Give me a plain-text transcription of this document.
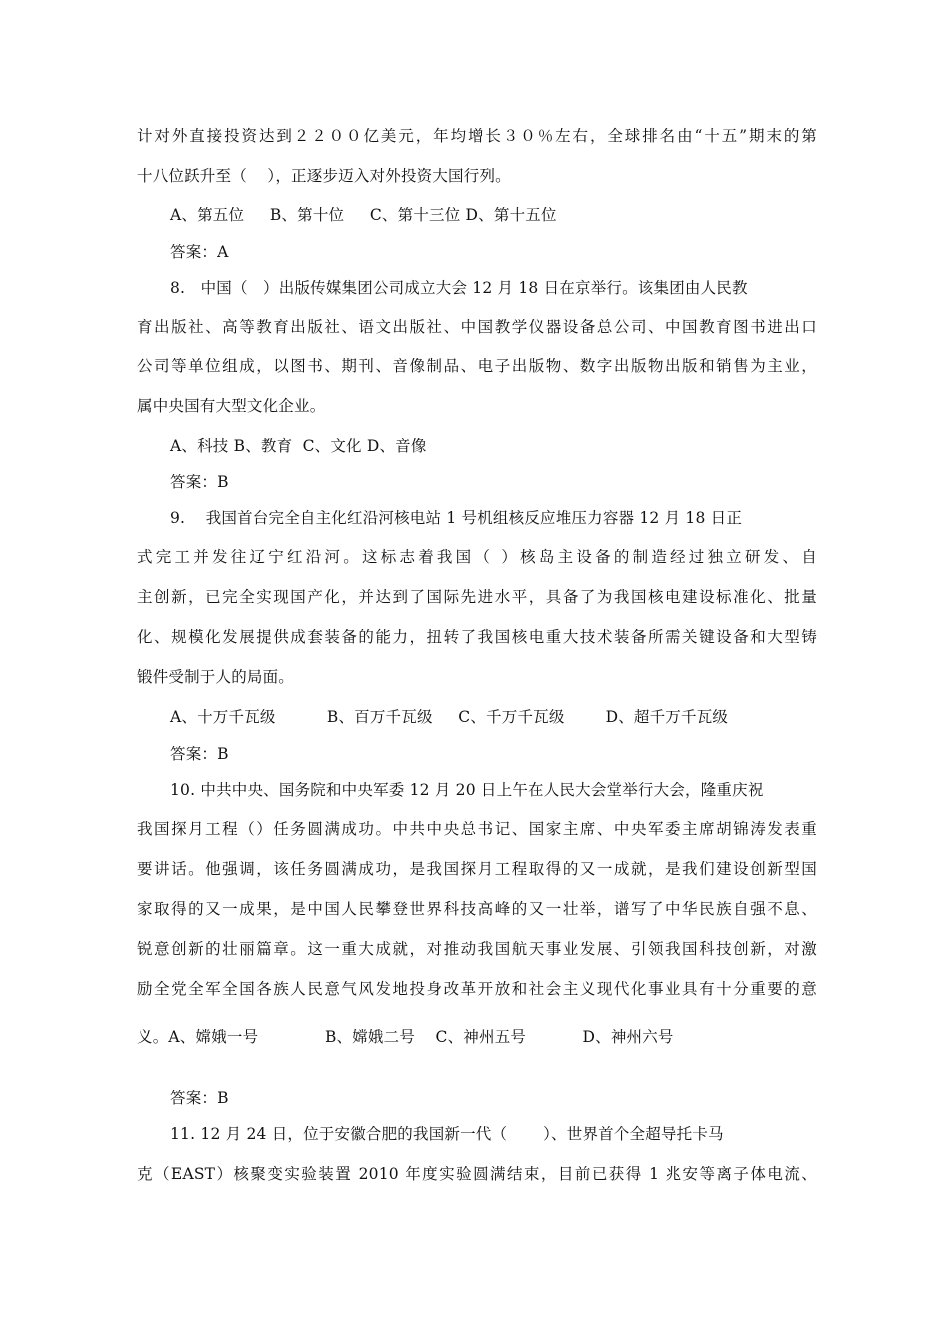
计对外直接投资达到２２００亿美元，年均增长３０％左右，全球排名由“十五”期末的第
十八位跃升至（    ），正逐步迈入对外投资大国行列。
A、第五位     B、第十位     C、第十三位 D、第十五位
答案：A
8.   中国（   ）出版传媒集团公司成立大会 12 月 18 日在京举行。该集团由人民教
育出版社、高等教育出版社、语文出版社、中国教学仪器设备总公司、中国教育图书进出口
公司等单位组成，以图书、期刊、音像制品、电子出版物、数字出版物出版和销售为主业，
属中央国有大型文化企业。
A、科技 B、教育  C、文化 D、音像
答案：B
9.    我国首台完全自主化红沿河核电站 1 号机组核反应堆压力容器 12 月 18 日正
式完工并发往辽宁红沿河。这标志着我国（ ）核岛主设备的制造经过独立研发、自
主创新，已完全实现国产化，并达到了国际先进水平，具备了为我国核电建设标准化、批量
化、规模化发展提供成套装备的能力，扭转了我国核电重大技术装备所需关键设备和大型铸
锻件受制于人的局面。
A、十万千瓦级          B、百万千瓦级     C、千万千瓦级        D、超千万千瓦级
答案：B
10. 中共中央、国务院和中央军委 12 月 20 日上午在人民大会堂举行大会，隆重庆祝
我国探月工程（）任务圆满成功。中共中央总书记、国家主席、中央军委主席胡锦涛发表重
要讲话。他强调，该任务圆满成功，是我国探月工程取得的又一成就，是我们建设创新型国
家取得的又一成果，是中国人民攀登世界科技高峰的又一壮举，谱写了中华民族自强不息、
锐意创新的壮丽篇章。这一重大成就，对推动我国航天事业发展、引领我国科技创新，对激
励全党全军全国各族人民意气风发地投身改革开放和社会主义现代化事业具有十分重要的意
义。A、嫦娥一号             B、嫦娥二号    C、神州五号           D、神州六号
答案：B
11. 12 月 24 日，位于安徽合肥的我国新一代（       ）、世界首个全超导托卡马
克（EAST）核聚变实验装置 2010 年度实验圆满结束，目前已获得 1 兆安等离子体电流、
